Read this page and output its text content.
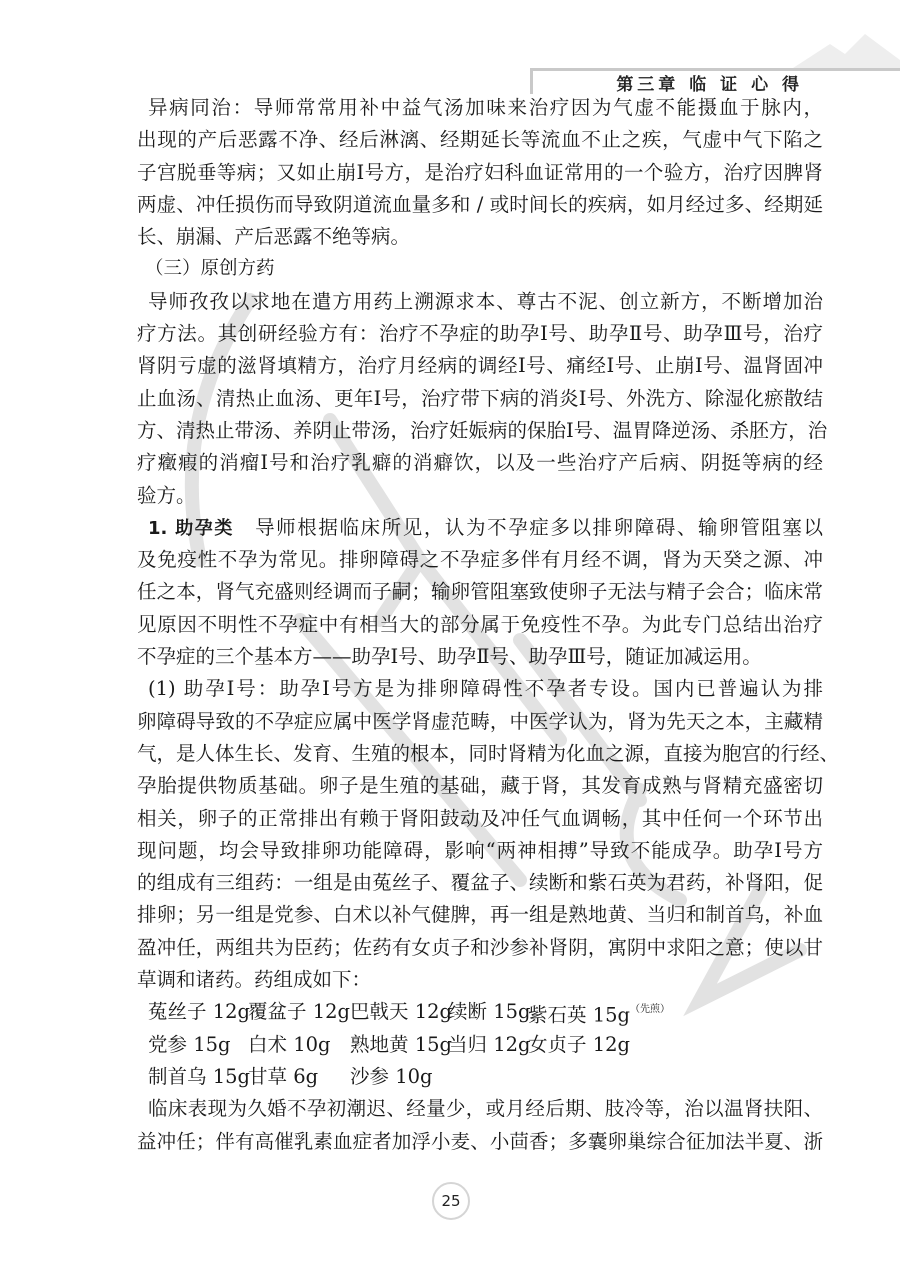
第三章 临 证 心 得
异病同治：导师常常用补中益气汤加味来治疗因为气虚不能摄血于脉内，
出现的产后恶露不净、经后淋漓、经期延长等流血不止之疾，气虚中气下陷之
子宫脱垂等病；又如止崩Ⅰ号方，是治疗妇科血证常用的一个验方，治疗因脾肾
两虚、冲任损伤而导致阴道流血量多和 / 或时间长的疾病，如月经过多、经期延
长、崩漏、产后恶露不绝等病。
（三）原创方药
导师孜孜以求地在遣方用药上溯源求本、尊古不泥、创立新方，不断增加治
疗方法。其创研经验方有：治疗不孕症的助孕Ⅰ号、助孕Ⅱ号、助孕Ⅲ号，治疗
肾阴亏虚的滋肾填精方，治疗月经病的调经Ⅰ号、痛经Ⅰ号、止崩Ⅰ号、温肾固冲
止血汤、清热止血汤、更年Ⅰ号，治疗带下病的消炎Ⅰ号、外洗方、除湿化瘀散结
方、清热止带汤、养阴止带汤，治疗妊娠病的保胎Ⅰ号、温胃降逆汤、杀胚方，治
疗癥瘕的消瘤Ⅰ号和治疗乳癖的消癖饮，以及一些治疗产后病、阴挺等病的经
验方。
1. 助孕类　 导师根据临床所见，认为不孕症多以排卵障碍、输卵管阻塞以
及免疫性不孕为常见。排卵障碍之不孕症多伴有月经不调，肾为天癸之源、冲
任之本，肾气充盛则经调而子嗣；输卵管阻塞致使卵子无法与精子会合；临床常
见原因不明性不孕症中有相当大的部分属于免疫性不孕。为此专门总结出治疗
不孕症的三个基本方——助孕Ⅰ号、助孕Ⅱ号、助孕Ⅲ号，随证加减运用。
(1) 助孕Ⅰ号：助孕Ⅰ号方是为排卵障碍性不孕者专设。国内已普遍认为排
卵障碍导致的不孕症应属中医学肾虚范畴，中医学认为，肾为先天之本，主藏精
气，是人体生长、发育、生殖的根本，同时肾精为化血之源，直接为胞宫的行经、
孕胎提供物质基础。卵子是生殖的基础，藏于肾，其发育成熟与肾精充盛密切
相关，卵子的正常排出有赖于肾阳鼓动及冲任气血调畅，其中任何一个环节出
现问题，均会导致排卵功能障碍，影响“两神相搏”导致不能成孕。助孕Ⅰ号方
的组成有三组药：一组是由菟丝子、覆盆子、续断和紫石英为君药，补肾阳，促
排卵；另一组是党参、白术以补气健脾，再一组是熟地黄、当归和制首乌，补血
盈冲任，两组共为臣药；佐药有女贞子和沙参补肾阴，寓阴中求阳之意；使以甘
草调和诸药。药组成如下：
菟丝子 12g
覆盆子 12g 巴戟天 12g
续断 15g
紫石英 $15g^{(先煎)}$
党参 15g 白术 10g 熟地黄 15g
当归 12g
女贞子 12g
制首乌 15g
甘草 6g 沙参 10g
临床表现为久婚不孕初潮迟、经量少，或月经后期、肢冷等，治以温肾扶阳、
益冲任；伴有高催乳素血症者加浮小麦、小茴香；多囊卵巢综合征加法半夏、浙
25
